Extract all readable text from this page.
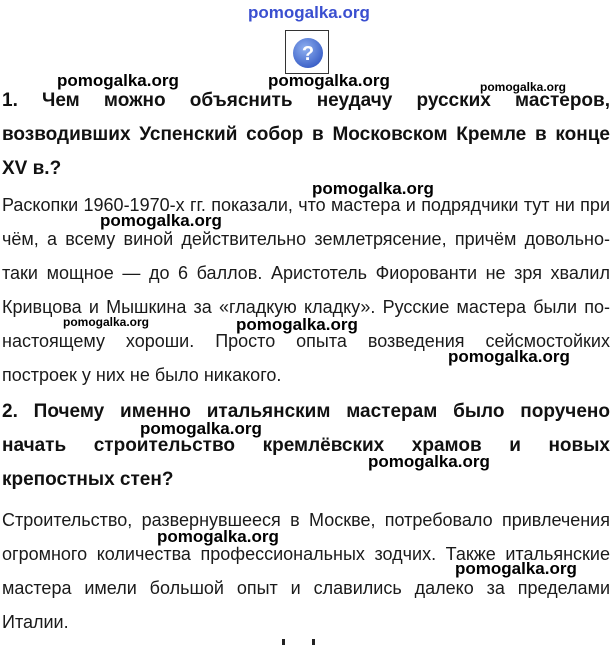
pomogalka.org
?
pomogalka.org	pomogalka.org	pomogalka.org
1. Чем можно объяснить неудачу русских мастеров, возводивших Успенский собор в Московском Кремле в конце XV в.?
pomogalka.org
pomogalka.org
Раскопки 1960-1970-х гг. показали, что мастера и подрядчики тут ни при чём, а всему виной действительно землетрясение, причём довольно-таки мощное — до 6 баллов. Аристотель Фиорованти не зря хвалил Кривцова и Мышкина за «гладкую кладку». Русские мастера были по-настоящему хороши. Просто опыта возведения сейсмостойких построек у них не было никакого.
pomogalka.org	pomogalka.org
pomogalka.org
2. Почему именно итальянским мастерам было поручено начать строительство кремлёвских храмов и новых крепостных стен?
pomogalka.org
pomogalka.org
Строительство, развернувшееся в Москве, потребовало привлечения огромного количества профессиональных зодчих. Также итальянские мастера имели большой опыт и славились далеко за пределами Италии.
pomogalka.org
pomogalka.org
